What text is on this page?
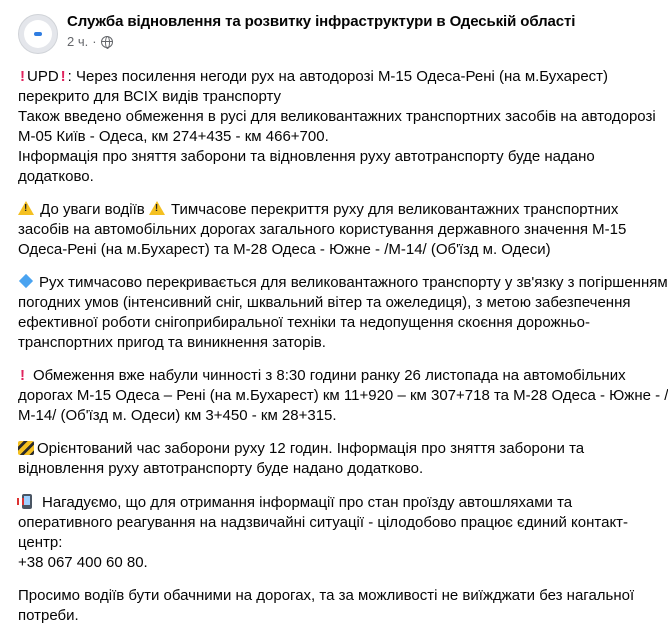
Служба відновлення та розвитку інфраструктури в Одеській області
2 ч. ·
! UPD ! : Через посилення негоди рух на автодорозі М-15 Одеса-Рені (на м.Бухарест)
перекрито для ВСІХ видів транспорту
Також введено обмеження в русі для великовантажних транспортних засобів на автодорозі
М-05 Київ - Одеса, км 274+435 - км 466+700.
Інформація про зняття заборони та відновлення руху автотранспорту буде надано
додатково.
! До уваги водіїв ! Тимчасове перекриття руху для великовантажних транспортних
засобів на автомобільних дорогах загального користування державного значення М-15
Одеса-Рені (на м.Бухарест) та М-28 Одеса - Южне - /М-14/ (Об'їзд м. Одеси)
Рух тимчасово перекривається для великовантажного транспорту у зв'язку з погіршенням
погодних умов (інтенсивний сніг, шквальний вітер та ожеледиця), з метою забезпечення
ефективної роботи снігоприбиральної техніки та недопущення скоєння дорожньо-
транспортних пригод та виникнення заторів.
! Обмеження вже набули чинності з 8:30 години ранку 26 листопада на автомобільних
дорогах М-15 Одеса – Рені (на м.Бухарест) км 11+920 – км 307+718 та М-28 Одеса - Южне - /
М-14/ (Об'їзд м. Одеси) км 3+450 - км 28+315.
Орієнтований час заборони руху 12 годин. Інформація про зняття заборони та
відновлення руху автотранспорту буде надано додатково.
Нагадуємо, що для отримання інформації про стан проїзду автошляхами та
оперативного реагування на надзвичайні ситуації - цілодобово працює єдиний контакт-
центр:
+38 067 400 60 80.
Просимо водіїв бути обачними на дорогах, та за можливості не виїжджати без нагальної
потреби.
